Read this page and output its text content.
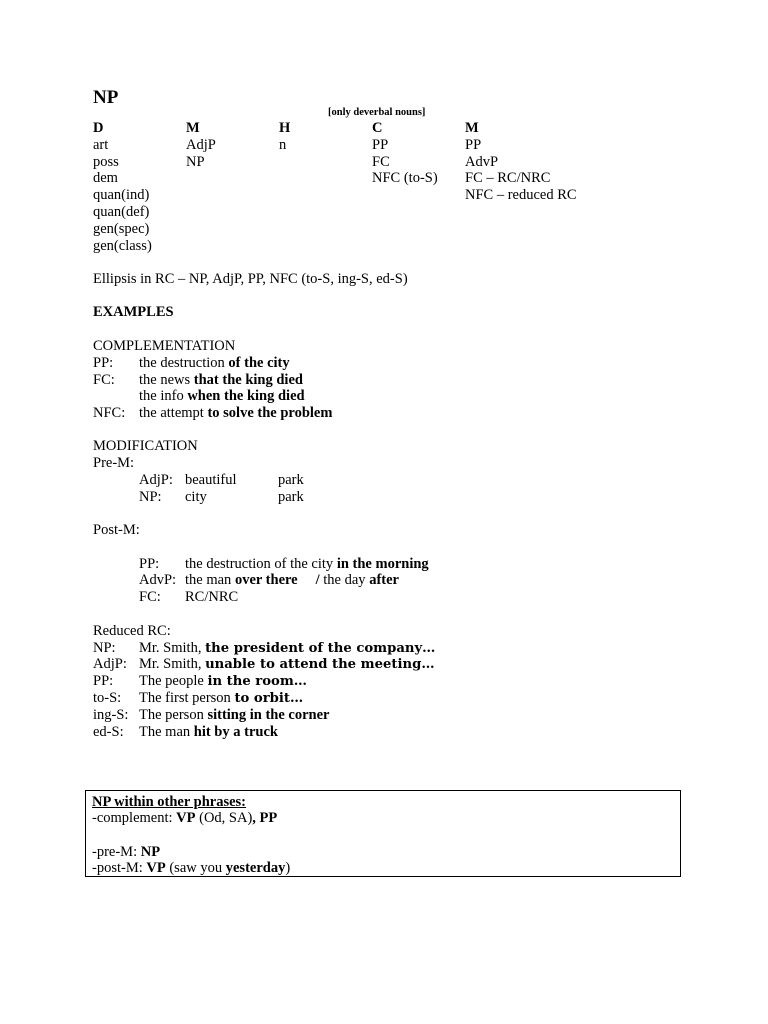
NP
[only deverbal nouns]
D
art
poss
dem
quan(ind)
quan(def)
gen(spec)
gen(class)
M
AdjP
NP
H
n
C
PP
FC
NFC (to-S)
M
PP
AdvP
FC – RC/NRC
NFC – reduced RC
Ellipsis in RC – NP, AdjP, PP, NFC (to-S, ing-S, ed-S)
EXAMPLES
COMPLEMENTATION
PP: the destruction of the city
FC: the news that the king died
the info when the king died
NFC: the attempt to solve the problem
MODIFICATION
Pre-M:
AdjP: beautiful	park
NP: city	park
Post-M:
PP: the destruction of the city in the morning
AdvP: the man over there / the day after
FC: RC/NRC
Reduced RC:
NP: Mr. Smith, the president of the company…
AdjP: Mr. Smith, unable to attend the meeting…
PP: The people in the room…
to-S: The first person to orbit…
ing-S: The person sitting in the corner
ed-S: The man hit by a truck
NP within other phrases:
-complement: VP (Od, SA), PP
-pre-M: NP
-post-M: VP (saw you yesterday)
